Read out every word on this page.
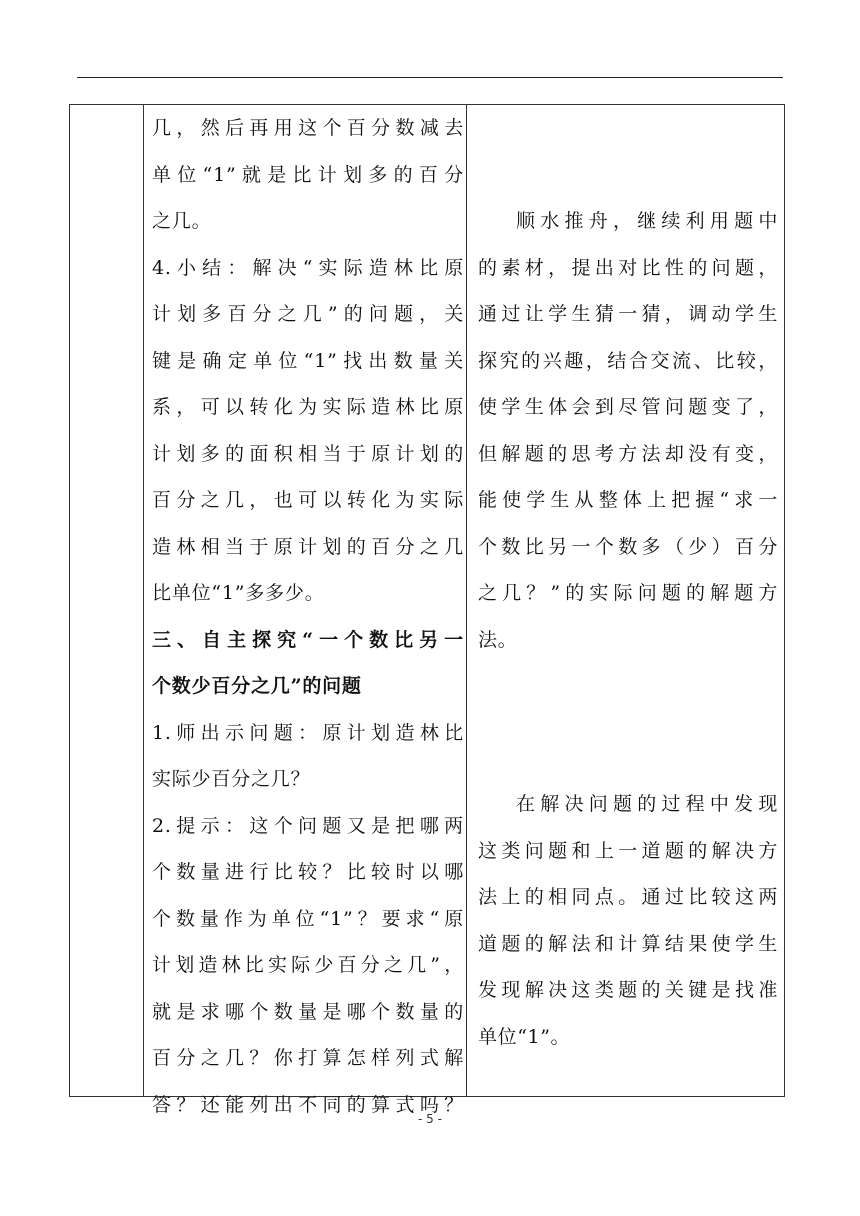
几，然后再用这个百分数减去
单位“1”就是比计划多的百分
之几。
4.小结：解决“实际造林比原
计划多百分之几”的问题，关
键是确定单位“1”找出数量关
系，可以转化为实际造林比原
计划多的面积相当于原计划的
百分之几，也可以转化为实际
造林相当于原计划的百分之几
比单位“1”多多少。
三、自主探究“一个数比另一
个数少百分之几”的问题
1.师出示问题：原计划造林比
实际少百分之几？
2.提示：这个问题又是把哪两
个数量进行比较？比较时以哪
个数量作为单位“1”？要求“原
计划造林比实际少百分之几”，
就是求哪个数量是哪个数量的
百分之几？你打算怎样列式解
答？还能列出不同的算式吗？
顺水推舟，继续利用题中
的素材，提出对比性的问题，
通过让学生猜一猜，调动学生
探究的兴趣，结合交流、比较，
使学生体会到尽管问题变了，
但解题的思考方法却没有变，
能使学生从整体上把握“求一
个数比另一个数多（少）百分
之几？”的实际问题的解题方
法。
在解决问题的过程中发现
这类问题和上一道题的解决方
法上的相同点。通过比较这两
道题的解法和计算结果使学生
发现解决这类题的关键是找准
单位“1”。
- 5 -
